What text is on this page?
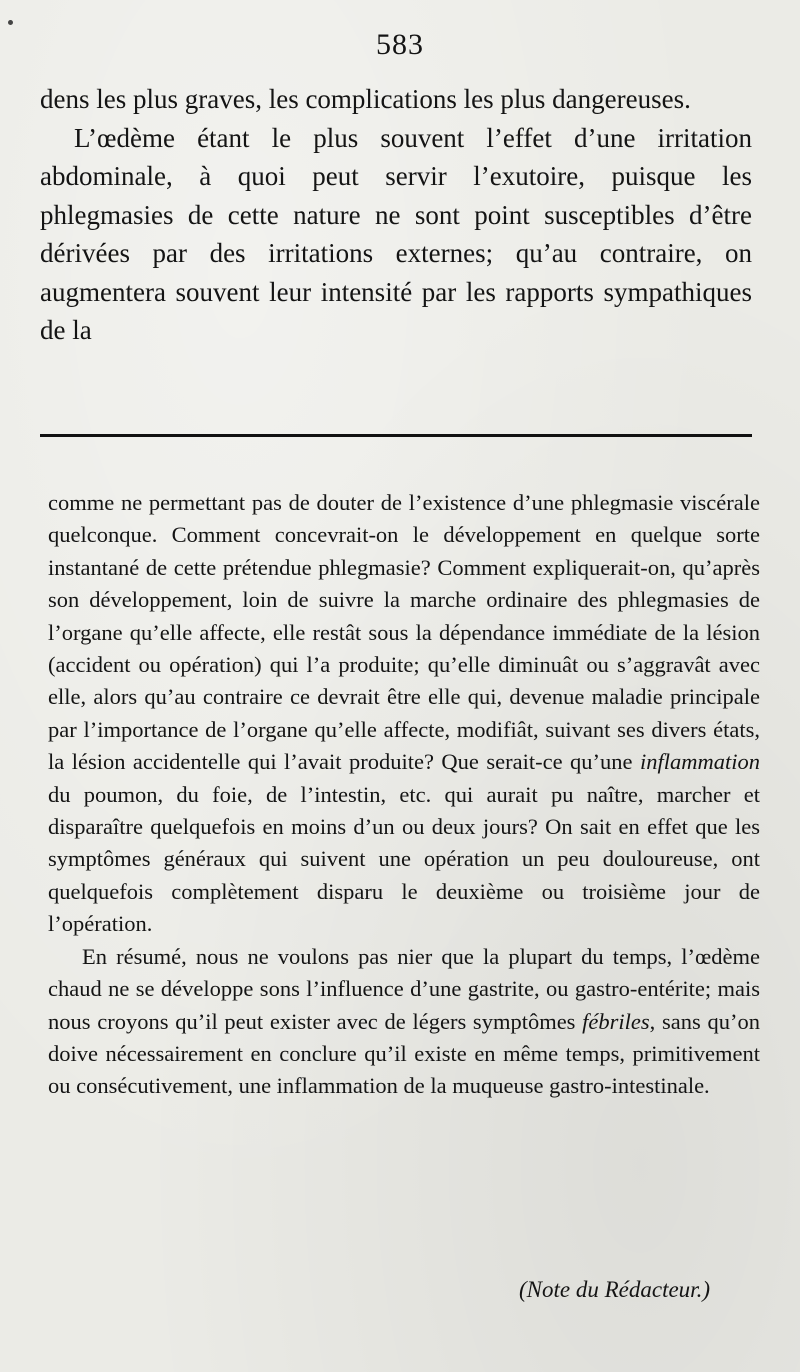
583

dens les plus graves, les complications les plus dangereuses.

L’œdème étant le plus souvent l’effet d’une irritation abdominale, à quoi peut servir l’exutoire, puisque les phlegmasies de cette nature ne sont point susceptibles d’être dérivées par des irritations externes; qu’au contraire, on augmentera souvent leur intensité par les rapports sympathiques de la

comme ne permettant pas de douter de l’existence d’une phlegmasie viscérale quelconque. Comment concevrait-on le développement en quelque sorte instantané de cette prétendue phlegmasie? Comment expliquerait-on, qu’après son développement, loin de suivre la marche ordinaire des phlegmasies de l’organe qu’elle affecte, elle restât sous la dépendance immédiate de la lésion (accident ou opération) qui l’a produite; qu’elle diminuât ou s’aggravât avec elle, alors qu’au contraire ce devrait être elle qui, devenue maladie principale par l’importance de l’organe qu’elle affecte, modifiât, suivant ses divers états, la lésion accidentelle qui l’avait produite? Que serait-ce qu’une inflammation du poumon, du foie, de l’intestin, etc. qui aurait pu naître, marcher et disparaître quelquefois en moins d’un ou deux jours? On sait en effet que les symptômes généraux qui suivent une opération un peu douloureuse, ont quelquefois complètement disparu le deuxième ou troisième jour de l’opération.

En résumé, nous ne voulons pas nier que la plupart du temps, l’œdème chaud ne se développe sons l’influence d’une gastrite, ou gastro-entérite; mais nous croyons qu’il peut exister avec de légers symptômes fébriles, sans qu’on doive nécessairement en conclure qu’il existe en même temps, primitivement ou consécutivement, une inflammation de la muqueuse gastro-intestinale.

(Note du Rédacteur.)
